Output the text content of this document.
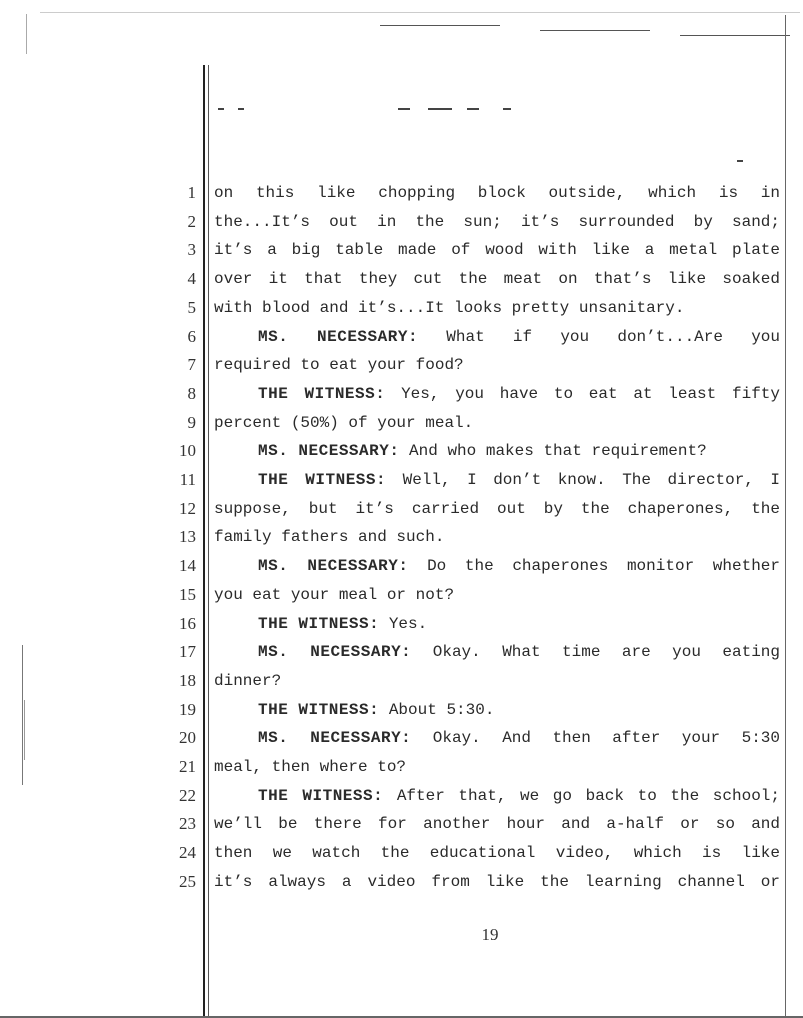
1 on this like chopping block outside, which is in
2 the...It’s out in the sun; it’s surrounded by sand;
3 it’s a big table made of wood with like a metal plate
4 over it that they cut the meat on that’s like soaked
5 with blood and it’s...It looks pretty unsanitary.
6	MS. NECESSARY: What if you don’t...Are you
7 required to eat your food?
8	THE WITNESS: Yes, you have to eat at least fifty
9 percent (50%) of your meal.
10	MS. NECESSARY: And who makes that requirement?
11	THE WITNESS: Well, I don’t know. The director, I
12 suppose, but it’s carried out by the chaperones, the
13 family fathers and such.
14	MS. NECESSARY: Do the chaperones monitor whether
15 you eat your meal or not?
16	THE WITNESS: Yes.
17	MS. NECESSARY: Okay. What time are you eating
18 dinner?
19	THE WITNESS: About 5:30.
20	MS. NECESSARY: Okay. And then after your 5:30
21 meal, then where to?
22	THE WITNESS: After that, we go back to the school;
23 we’ll be there for another hour and a-half or so and
24 then we watch the educational video, which is like
25 it’s always a video from like the learning channel or
19
